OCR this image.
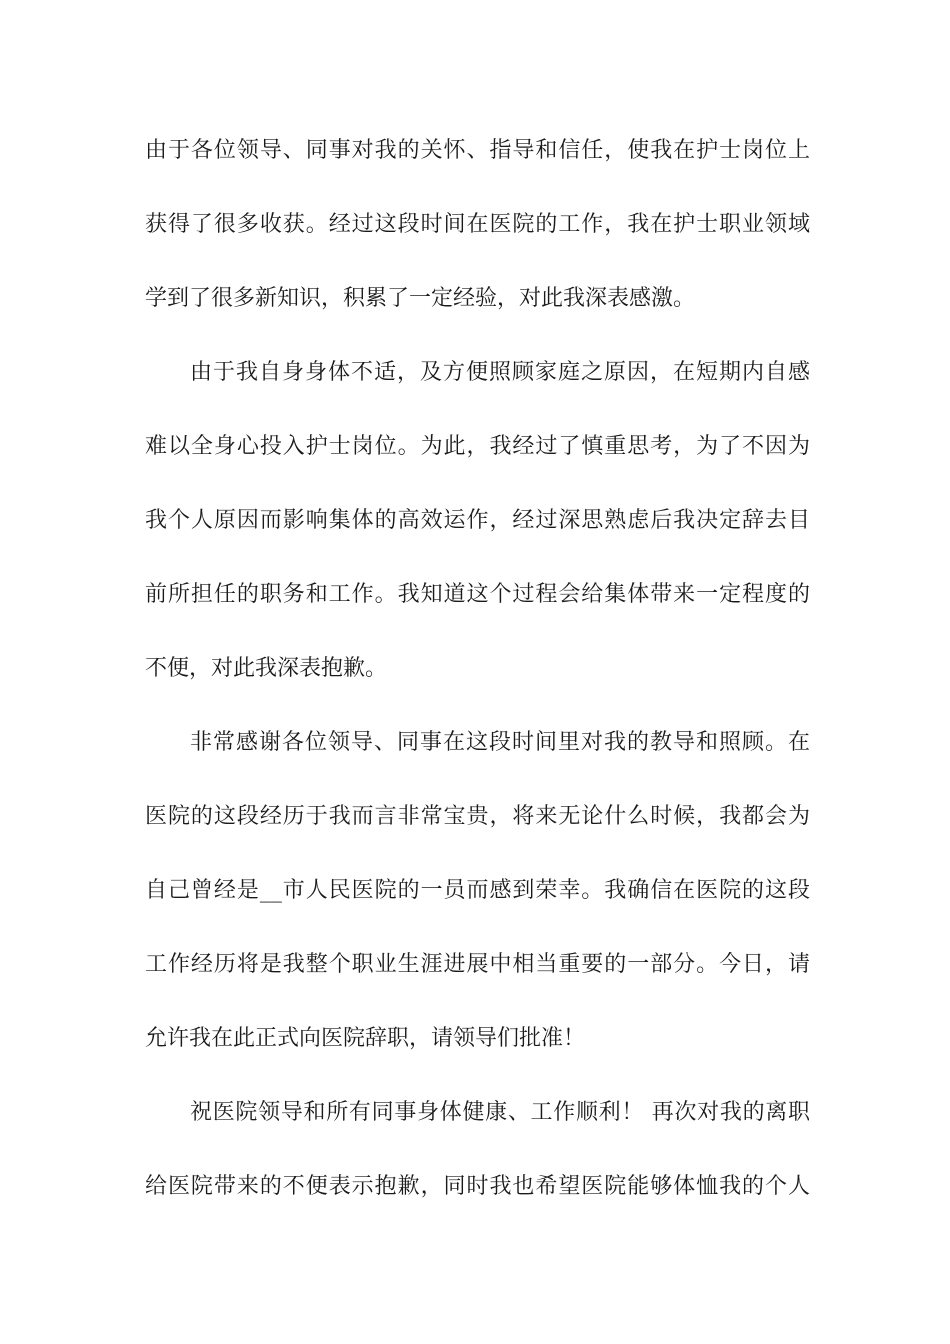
由于各位领导、同事对我的关怀、指导和信任，使我在护士岗位上
获得了很多收获。经过这段时间在医院的工作，我在护士职业领域
学到了很多新知识，积累了一定经验，对此我深表感激。
由于我自身身体不适，及方便照顾家庭之原因，在短期内自感
难以全身心投入护士岗位。为此，我经过了慎重思考，为了不因为
我个人原因而影响集体的高效运作，经过深思熟虑后我决定辞去目
前所担任的职务和工作。我知道这个过程会给集体带来一定程度的
不便，对此我深表抱歉。
非常感谢各位领导、同事在这段时间里对我的教导和照顾。在
医院的这段经历于我而言非常宝贵，将来无论什么时候，我都会为
自己曾经是__市人民医院的一员而感到荣幸。我确信在医院的这段
工作经历将是我整个职业生涯进展中相当重要的一部分。今日，请
允许我在此正式向医院辞职，请领导们批准！
祝医院领导和所有同事身体健康、工作顺利！ 再次对我的离职
给医院带来的不便表示抱歉，同时我也希望医院能够体恤我的个人
